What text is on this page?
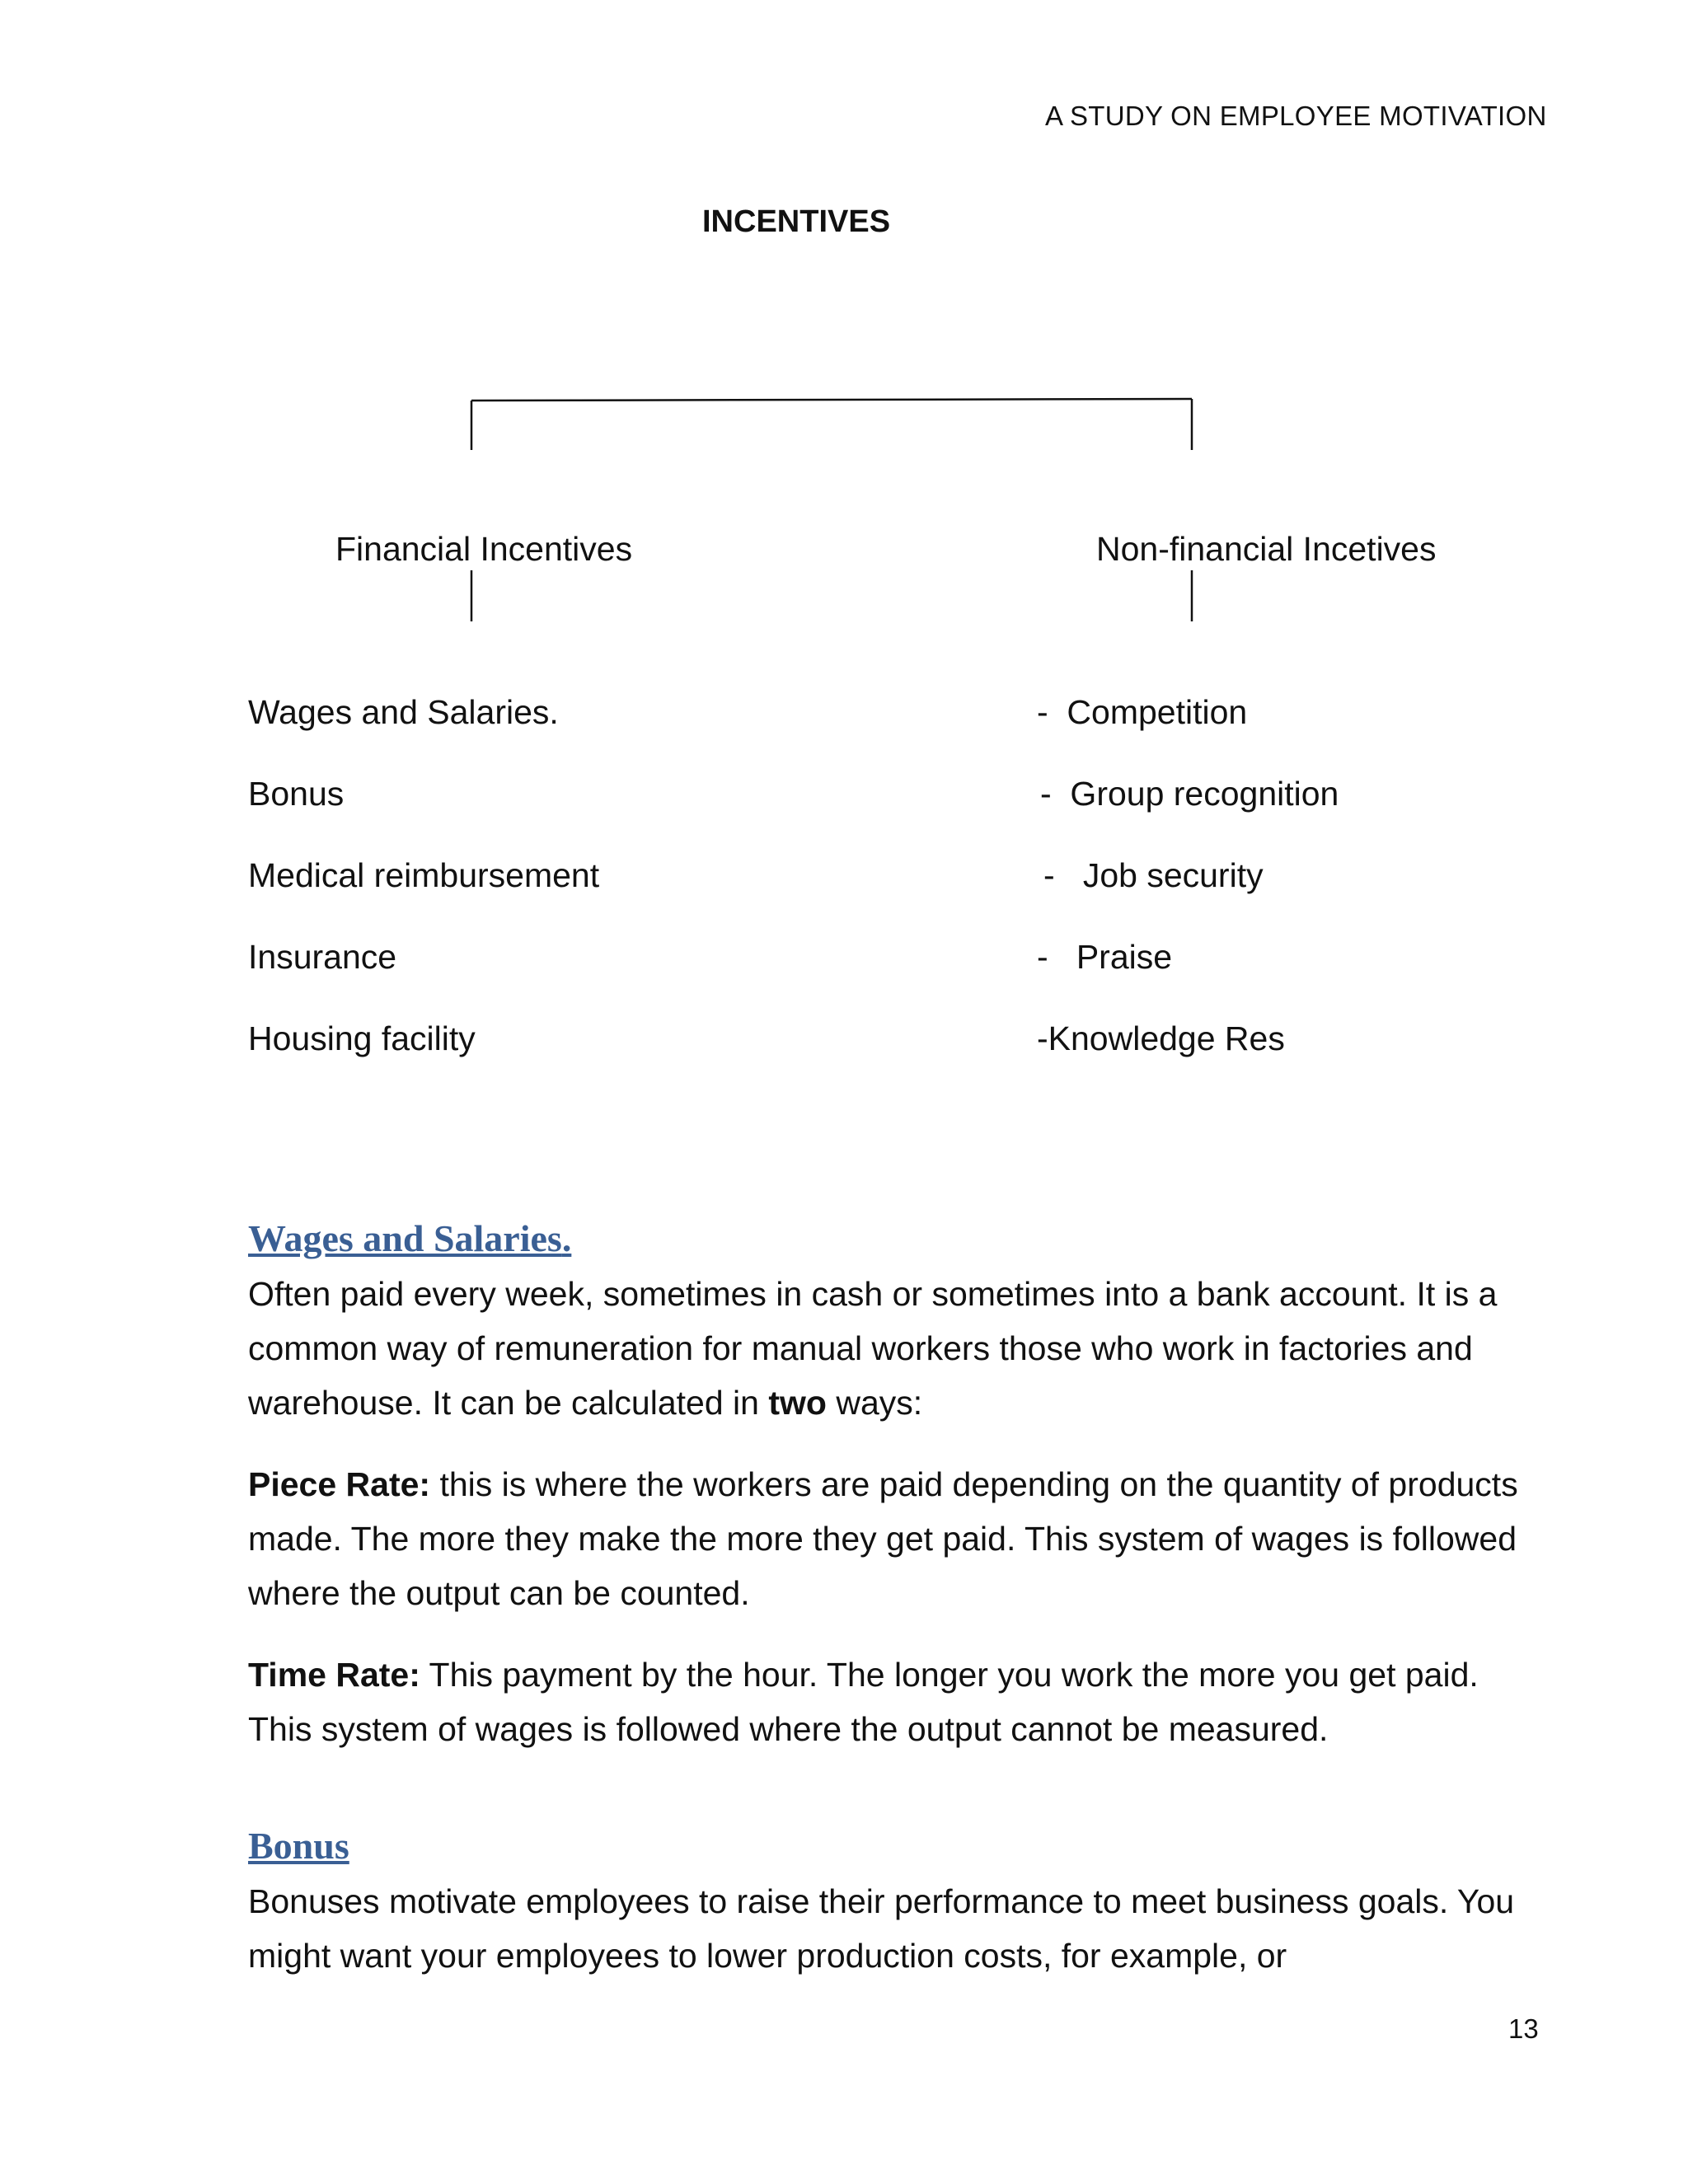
A STUDY ON EMPLOYEE MOTIVATION
INCENTIVES
Financial Incentives	Non-financial Incetives
Wages and Salaries.
Bonus
Medical reimbursement
Insurance
Housing facility
-  Competition
-  Group recognition
-   Job security
-   Praise
-Knowledge Res
Wages and Salaries.
Often paid every week, sometimes in cash or sometimes into a bank account. It is a common way of remuneration for manual workers those who work in factories and warehouse. It can be calculated in two ways:
Piece Rate: this is where the workers are paid depending on the quantity of products made. The more they make the more they get paid. This system of wages is followed where the output can be counted.
Time Rate: This payment by the hour. The longer you work the more you get paid. This system of wages is followed where the output cannot be measured.
Bonus
Bonuses motivate employees to raise their performance to meet business goals. You might want your employees to lower production costs, for example, or
13
